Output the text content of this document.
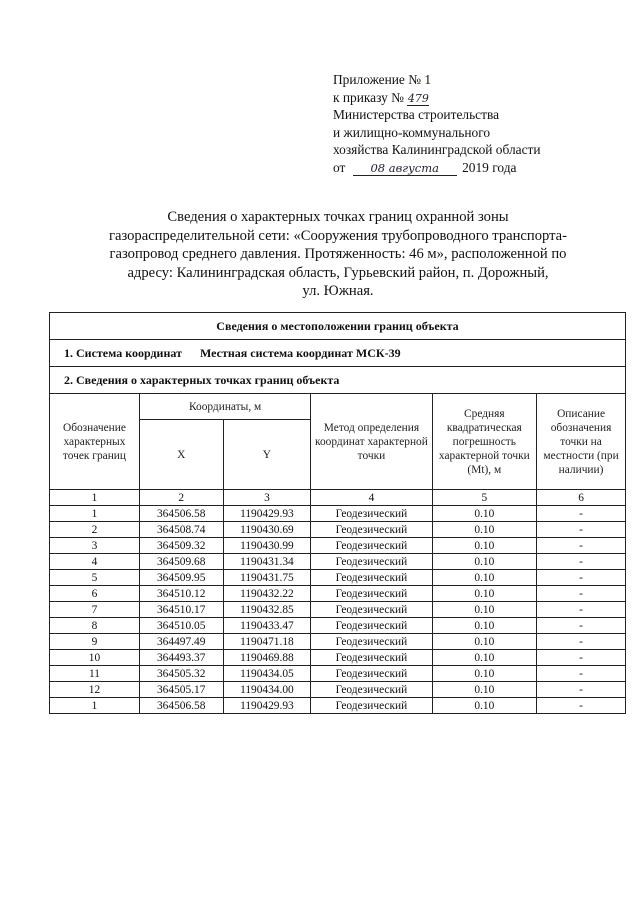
Приложение № 1
к приказу № 479
Министерства строительства
и жилищно-коммунального
хозяйства Калининградской области
от 08 августа 2019 года
Сведения о характерных точках границ охранной зоны
газораспределительной сети: «Сооружения трубопроводного транспорта-
газопровод среднего давления. Протяженность: 46 м», расположенной по
адресу: Калининградская область, Гурьевский район, п. Дорожный,
ул. Южная.
Сведения о местоположении границ объекта					
1. Система координат Местная система координат МСК-39					
2. Сведения о характерных точках границ объекта					
Обозначение характерных точек границ	Координаты, м		Метод определения координат характерной точки	Средняя квадратическая погрешность характерной точки (Mt), м	Описание обозначения точки на местности (при наличии)
	X	Y			
1	2	3	4	5	6
1	364506.58	1190429.93	Геодезический	0.10	-
2	364508.74	1190430.69	Геодезический	0.10	-
3	364509.32	1190430.99	Геодезический	0.10	-
4	364509.68	1190431.34	Геодезический	0.10	-
5	364509.95	1190431.75	Геодезический	0.10	-
6	364510.12	1190432.22	Геодезический	0.10	-
7	364510.17	1190432.85	Геодезический	0.10	-
8	364510.05	1190433.47	Геодезический	0.10	-
9	364497.49	1190471.18	Геодезический	0.10	-
10	364493.37	1190469.88	Геодезический	0.10	-
11	364505.32	1190434.05	Геодезический	0.10	-
12	364505.17	1190434.00	Геодезический	0.10	-
1	364506.58	1190429.93	Геодезический	0.10	-
